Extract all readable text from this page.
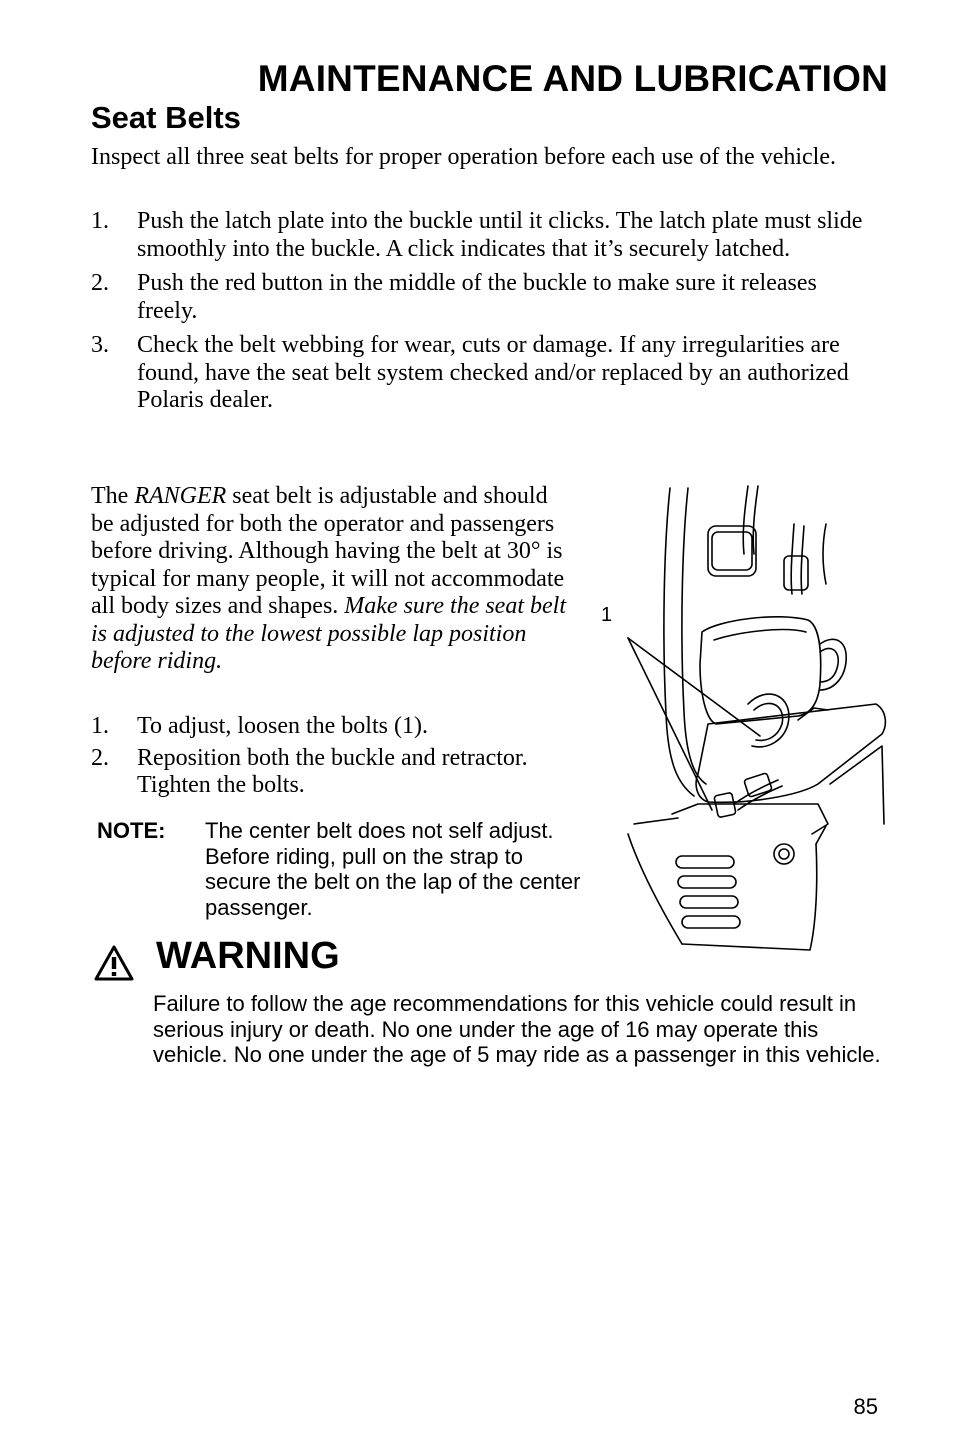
MAINTENANCE AND LUBRICATION
Seat Belts

Inspect all three seat belts for proper operation before each use of the vehicle.

1. Push the latch plate into the buckle until it clicks. The latch plate must slide smoothly into the buckle. A click indicates that it’s securely latched.
2. Push the red button in the middle of the buckle to make sure it releases freely.
3. Check the belt webbing for wear, cuts or damage. If any irregularities are found, have the seat belt system checked and/or replaced by an authorized Polaris dealer.

The RANGER seat belt is adjustable and should be adjusted for both the operator and passengers before driving. Although having the belt at 30° is typical for many people, it will not accommodate all body sizes and shapes. Make sure the seat belt is adjusted to the lowest possible lap position before riding.

1. To adjust, loosen the bolts (1).
2. Reposition both the buckle and retractor. Tighten the bolts.
NOTE: The center belt does not self adjust. Before riding, pull on the strap to secure the belt on the lap of the center passenger.
1
WARNING

Failure to follow the age recommendations for this vehicle could result in serious injury or death. No one under the age of 16 may operate this vehicle. No one under the age of 5 may ride as a passenger in this vehicle.

85
